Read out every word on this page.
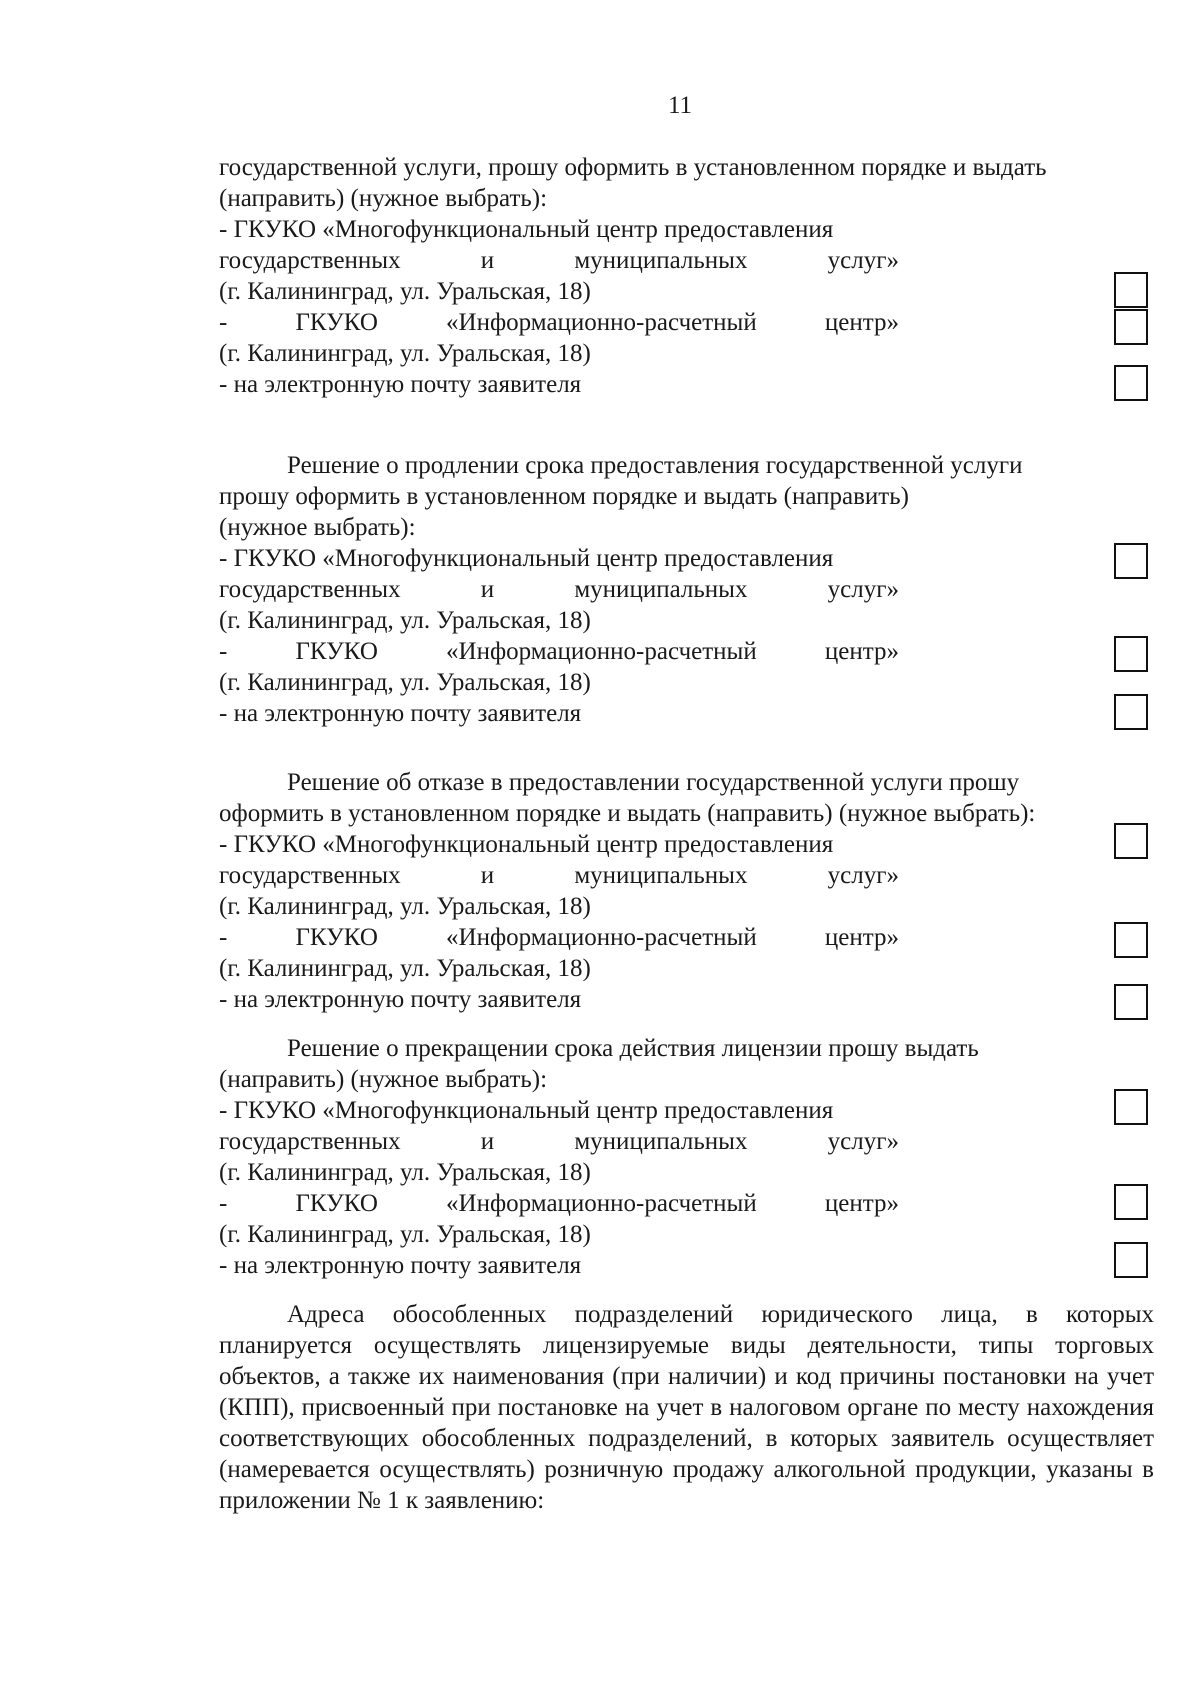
11
государственной услуги, прошу оформить в установленном порядке и выдать
(направить) (нужное выбрать):
- ГКУКО «Многофункциональный центр предоставления
государственных	и	муниципальных	услуг»
(г. Калининград, ул. Уральская, 18)
-	ГКУКО	«Информационно-расчетный	центр»
(г. Калининград, ул. Уральская, 18)
- на электронную почту заявителя
Решение о продлении срока предоставления государственной услуги
прошу оформить в установленном порядке и выдать (направить)
(нужное выбрать):
- ГКУКО «Многофункциональный центр предоставления
государственных	и	муниципальных	услуг»
(г. Калининград, ул. Уральская, 18)
-	ГКУКО	«Информационно-расчетный	центр»
(г. Калининград, ул. Уральская, 18)
- на электронную почту заявителя
Решение об отказе в предоставлении государственной услуги прошу
оформить в установленном порядке и выдать (направить) (нужное выбрать):
- ГКУКО «Многофункциональный центр предоставления
государственных	и	муниципальных	услуг»
(г. Калининград, ул. Уральская, 18)
-	ГКУКО	«Информационно-расчетный	центр»
(г. Калининград, ул. Уральская, 18)
- на электронную почту заявителя
Решение о прекращении срока действия лицензии прошу выдать
(направить) (нужное выбрать):
- ГКУКО «Многофункциональный центр предоставления
государственных	и	муниципальных	услуг»
(г. Калининград, ул. Уральская, 18)
-	ГКУКО	«Информационно-расчетный	центр»
(г. Калининград, ул. Уральская, 18)
- на электронную почту заявителя
Адреса обособленных подразделений юридического лица, в которых планируется осуществлять лицензируемые виды деятельности, типы торговых объектов, а также их наименования (при наличии) и код причины постановки на учет (КПП), присвоенный при постановке на учет в налоговом органе по месту нахождения соответствующих обособленных подразделений, в которых заявитель осуществляет (намеревается осуществлять) розничную продажу алкогольной продукции, указаны в приложении № 1 к заявлению:
